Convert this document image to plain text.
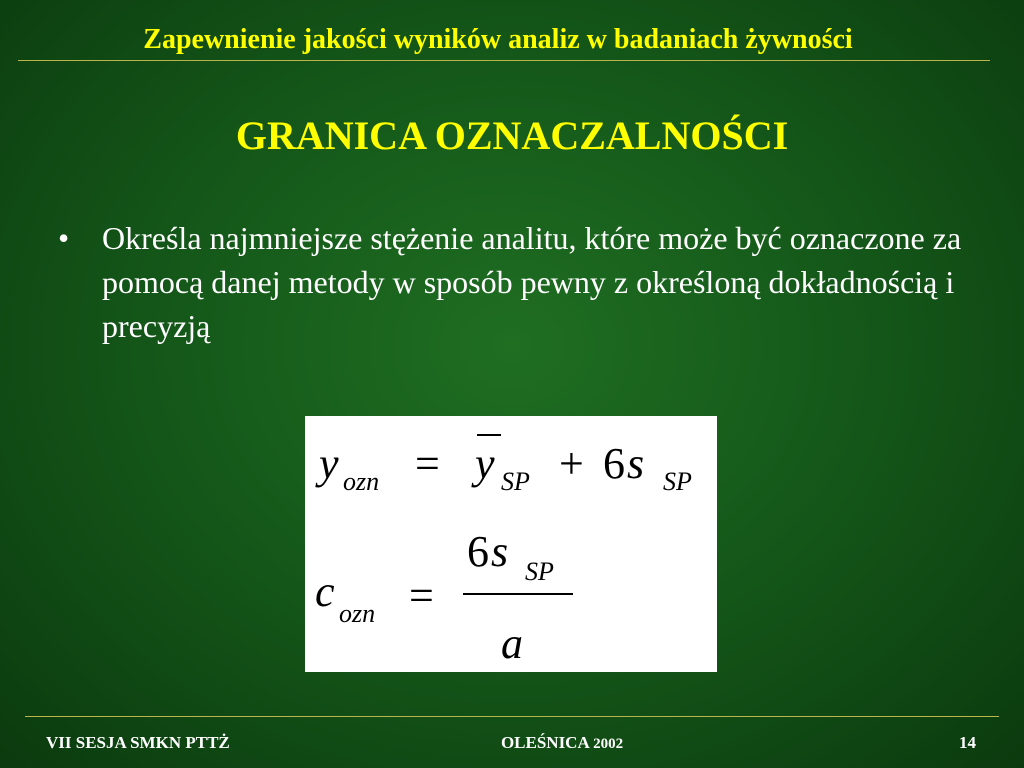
Zapewnienie jakości wyników analiz w badaniach żywności
GRANICA OZNACZALNOŚCI
• Określa najmniejsze stężenie analitu, które może być oznaczone za pomocą danej metody w sposób pewny z określoną dokładnością i precyzją
y ozn = y SP + 6 s SP
c ozn =
6 s SP
a
VII SESJA SMKN PTTŻ	OLEŚNICA 2002	14
